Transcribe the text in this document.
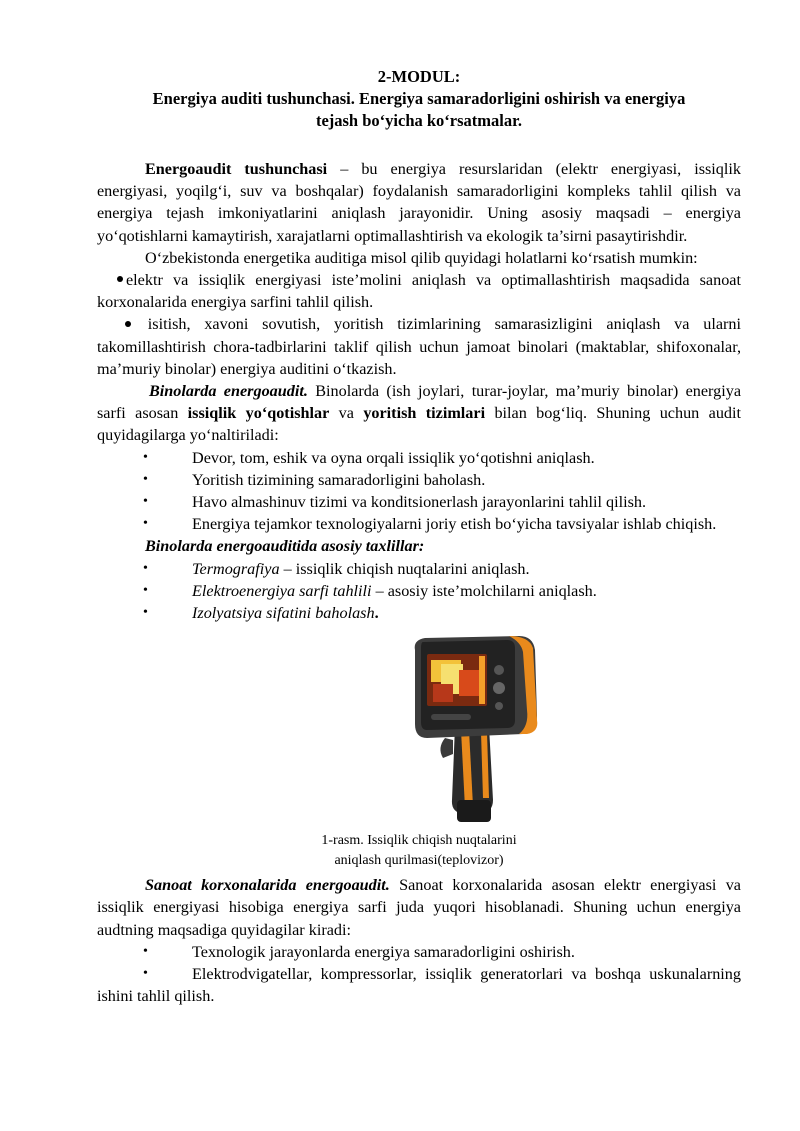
2-MODUL:

Energiya auditi tushunchasi. Energiya samaradorligini oshirish va energiya

tejash bo‘yicha ko‘rsatmalar.

Energoaudit tushunchasi – bu energiya resurslaridan (elektr energiyasi, issiqlik energiyasi, yoqilg‘i, suv va boshqalar) foydalanish samaradorligini kompleks tahlil qilish va energiya tejash imkoniyatlarini aniqlash jarayonidir. Uning asosiy maqsadi – energiya yo‘qotishlarni kamaytirish, xarajatlarni optimallashtirish va ekologik ta’sirni pasaytirishdir.

O‘zbekistonda energetika auditiga misol qilib quyidagi holatlarni ko‘rsatish mumkin:

elektr va issiqlik energiyasi iste’molini aniqlash va optimallashtirish maqsadida sanoat korxonalarida energiya sarfini tahlil qilish.

isitish, xavoni sovutish, yoritish tizimlarining samarasizligini aniqlash va ularni takomillashtirish chora-tadbirlarini taklif qilish uchun jamoat binolari (maktablar, shifoxonalar, ma’muriy binolar) energiya auditini o‘tkazish.

Binolarda energoaudit. Binolarda (ish joylari, turar-joylar, ma’muriy binolar) energiya sarfi asosan issiqlik yo‘qotishlar va yoritish tizimlari bilan bog‘liq. Shuning uchun audit quyidagilarga yo‘naltiriladi:

•	Devor, tom, eshik va oyna orqali issiqlik yo‘qotishni aniqlash.

•	Yoritish tizimining samaradorligini baholash.

•	Havo almashinuv tizimi va konditsionerlash jarayonlarini tahlil qilish.

•	Energiya tejamkor texnologiyalarni joriy etish bo‘yicha tavsiyalar ishlab chiqish.

Binolarda energoauditida asosiy taxlillar:

•	Termografiya – issiqlik chiqish nuqtalarini aniqlash.

•	Elektroenergiya sarfi tahlili – asosiy iste’molchilarni aniqlash.

•	Izolyatsiya sifatini baholash.

1-rasm. Issiqlik chiqish nuqtalarini

aniqlash qurilmasi(teplovizor)

Sanoat korxonalarida energoaudit. Sanoat korxonalarida asosan elektr energiyasi va issiqlik energiyasi hisobiga energiya sarfi juda yuqori hisoblanadi. Shuning uchun energiya audtning maqsadiga quyidagilar kiradi:

•	Texnologik jarayonlarda energiya samaradorligini oshirish.

•	Elektrodvigatellar, kompressorlar, issiqlik generatorlari va boshqa uskunalarning ishini tahlil qilish.
